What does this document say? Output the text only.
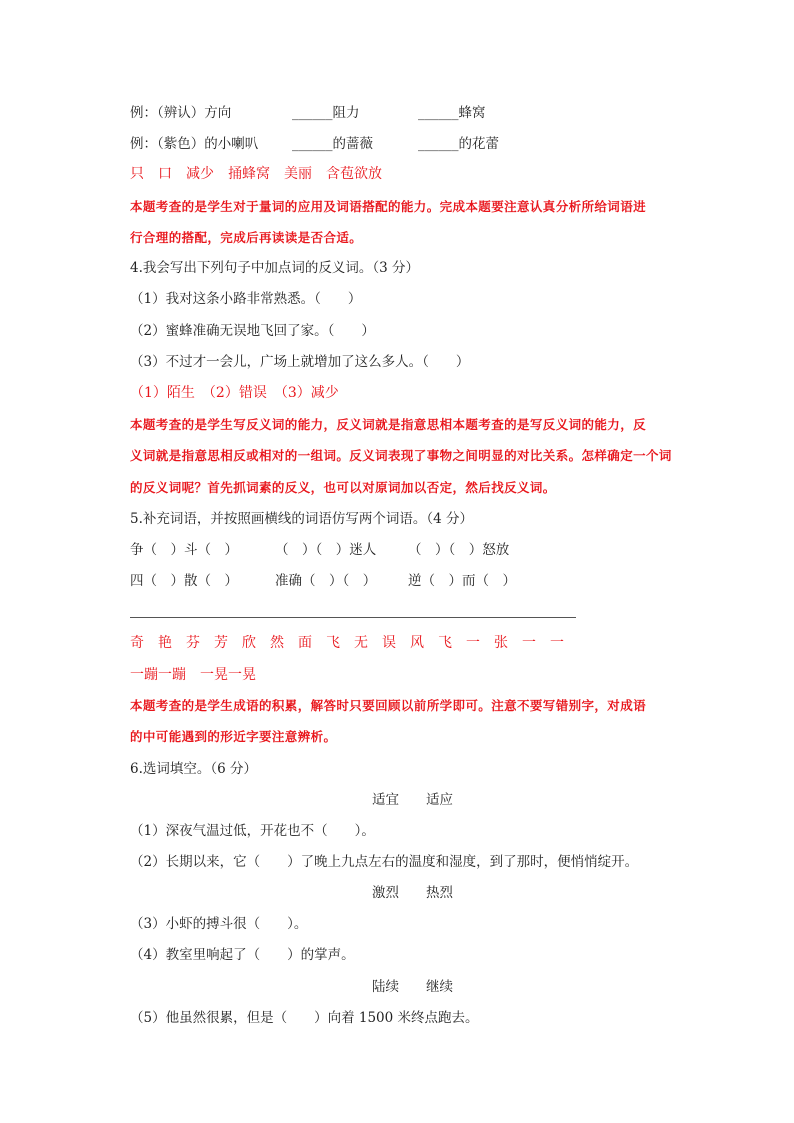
例：（辨认）方向	______阻力	______蜂窝
例：（紫色）的小喇叭	______的蔷薇	______的花蕾
只　口　减少　捅蜂窝　美丽　含苞欲放
本题考查的是学生对于量词的应用及词语搭配的能力。完成本题要注意认真分析所给词语进
行合理的搭配，完成后再读读是否合适。
4.我会写出下列句子中加点词的反义词。（3 分）
（1）我对这条小路非常熟悉。（　　）
（2）蜜蜂准确无误地飞回了家。（　　）
（3）不过才一会儿，广场上就增加了这么多人。（　　）
（1）陌生　（2）错误　（3）减少
本题考查的是学生写反义词的能力，反义词就是指意思相本题考查的是写反义词的能力，反
义词就是指意思相反或相对的一组词。反义词表现了事物之间明显的对比关系。怎样确定一个词
的反义词呢？首先抓词素的反义，也可以对原词加以否定，然后找反义词。
5.补充词语，并按照画横线的词语仿写两个词语。（4 分）
争（　）斗（　）	（　）（　）迷人 （　）（　）怒放
四（　）散（　）	准确（　）（　） 逆（　）而（　）
奇　艳　芬　芳　欣　然　面　飞　无　误　风　飞　一　张　一　一
一蹦一蹦　一晃一晃
本题考查的是学生成语的积累，解答时只要回顾以前所学即可。注意不要写错别字，对成语
的中可能遇到的形近字要注意辨析。
6.选词填空。（6 分）
适宜　　适应
（1）深夜气温过低，开花也不（　　）。
（2）长期以来，它（　　）了晚上九点左右的温度和湿度，到了那时，便悄悄绽开。
激烈　　热烈
（3）小虾的搏斗很（　　）。
（4）教室里响起了（　　）的掌声。
陆续　　继续
（5）他虽然很累，但是（　　）向着 1500 米终点跑去。
